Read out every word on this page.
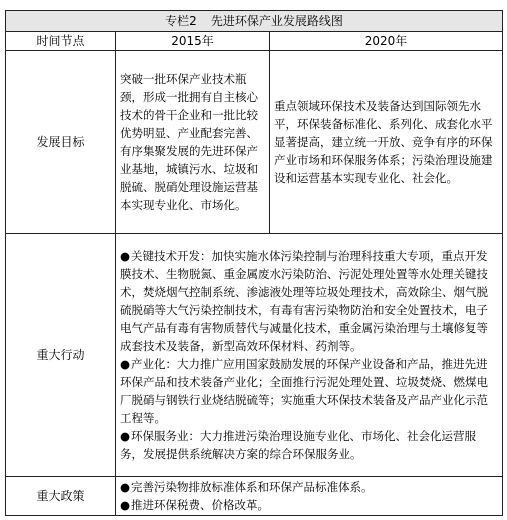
专栏2 先进环保产业发展路线图		
时间节点	2015年	2020年
发展目标	突破一批环保产业技术瓶颈，形成一批拥有自主核心技术的骨干企业和一批比较优势明显、产业配套完善、有序集聚发展的先进环保产业基地，城镇污水、垃圾和脱硫、脱硝处理设施运营基本实现专业化、市场化。	重点领域环保技术及装备达到国际领先水平，环保装备标准化、系列化、成套化水平显著提高，建立统一开放、竞争有序的环保产业市场和环保服务体系；污染治理设施建设和运营基本实现专业化、社会化。
重大行动	●关键技术开发：加快实施水体污染控制与治理科技重大专项，重点开发膜技术、生物脱氮、重金属废水污染防治、污泥处理处置等水处理关键技术，焚烧烟气控制系统、渗滤液处理等垃圾处理技术，高效除尘、烟气脱硫脱硝等大气污染控制技术，有毒有害污染物防治和安全处置技术，电子电气产品有毒有害物质替代与减量化技术，重金属污染治理与土壤修复等成套技术及装备，新型高效环保材料、药剂等。

●产业化：大力推广应用国家鼓励发展的环保产业设备和产品，推进先进环保产品和技术装备产业化；全面推行污泥处理处置、垃圾焚烧、燃煤电厂脱硝与钢铁行业烧结脱硫等；实施重大环保技术装备及产品产业化示范工程等。

●环保服务业：大力推进污染治理设施专业化、市场化、社会化运营服务，发展提供系统解决方案的综合环保服务业。	

重大政策	●完善污染物排放标准体系和环保产品标准体系。

●推进环保税费、价格改革。	
